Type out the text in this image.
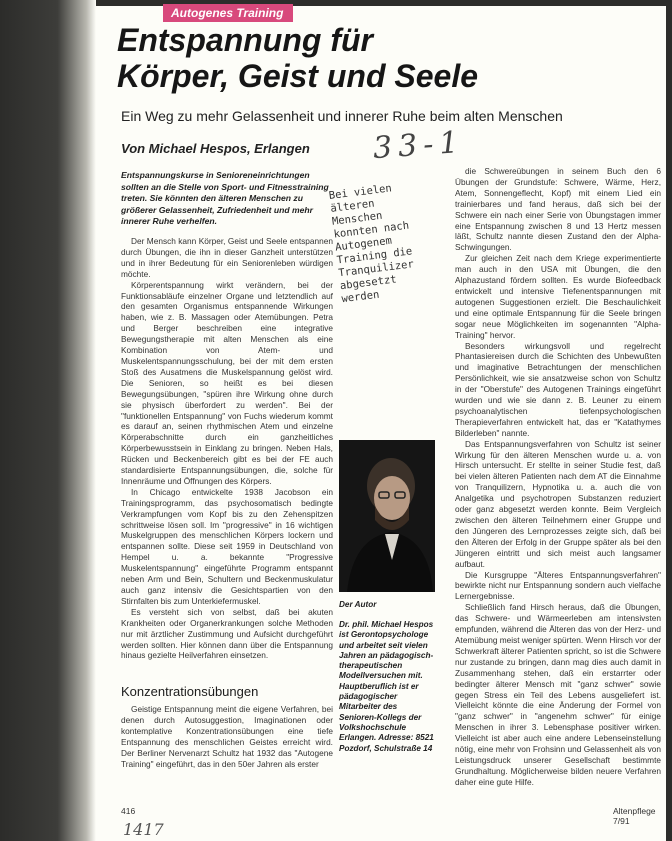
Autogenes Training
Entspannung für
Körper, Geist und Seele
Ein Weg zu mehr Gelassenheit und innerer Ruhe beim alten Menschen
Von Michael Hespos, Erlangen 33-1
Entspannungskurse in Senioreneinrichtungen sollten an die Stelle von Sport- und Fitnesstraining treten. Sie könnten den älteren Menschen zu größerer Gelassenheit, Zufriedenheit und mehr innerer Ruhe verhelfen.

Der Mensch kann Körper, Geist und Seele entspannen durch Übungen, die ihn in dieser Ganzheit unterstützen und in ihrer Bedeutung für ein Seniorenleben würdigen möchte.

Körperentspannung wirkt verändern, bei der Funktionsabläufe einzelner Organe und letztendlich auf den gesamten Organismus entspannende Wirkungen haben, wie z. B. Massagen oder Atemübungen. Petra und Berger beschreiben eine integrative Bewegungstherapie mit alten Menschen als eine Kombination von Atem- und Muskelentspannungsschulung, bei der mit dem ersten Stoß des Ausatmens die Muskelspannung gelöst wird. Die Senioren, so heißt es bei diesen Bewegungsübungen, "spüren ihre Wirkung ohne durch sie physisch überfordert zu werden". Bei der "funktionellen Entspannung" von Fuchs wiederum kommt es darauf an, seinen rhythmischen Atem und einzelne Körperabschnitte durch ein ganzheitliches Körperbewusstsein in Einklang zu bringen. Neben Hals, Rücken und Beckenbereich gibt es bei der FE auch standardisierte Entspannungsübungen, die, solche für Innenräume und Öffnungen des Körpers.

In Chicago entwickelte 1938 Jacobson ein Trainingsprogramm, das psychosomatisch bedingte Verkrampfungen vom Kopf bis zu den Zehenspitzen schrittweise lösen soll. Im "progressive" in 16 wichtigen Muskelgruppen des menschlichen Körpers lockern und entspannen sollte. Diese seit 1959 in Deutschland von Hempel u. a. bekannte "Progressive Muskelentspannung" eingeführte Programm entspannt neben Arm und Bein, Schultern und Beckenmuskulatur auch ganz intensiv die Gesichtspartien von den Stirnfalten bis zum Unterkiefermuskel.

Es versteht sich von selbst, daß bei akuten Krankheiten oder Organerkrankungen solche Methoden nur mit ärztlicher Zustimmung und Aufsicht durchgeführt werden sollten. Hier können dann über die Entspannung hinaus gezielte Heilverfahren einsetzen.

Konzentrationsübungen

Geistige Entspannung meint die eigene Verfahren, bei denen durch Autosuggestion, Imaginationen oder kontemplative Konzentrationsübungen eine tiefe Entspannung des menschlichen Geistes erreicht wird. Der Berliner Nervenarzt Schultz hat 1932 das "Autogene Training" eingeführt, das in den 50er Jahren als erster

Bei vielen älteren Menschen konnten nach Autogenem Training die Tranquilizer abgesetzt werden
Der Autor
Dr. phil. Michael Hespos ist Gerontopsychologe und arbeitet seit vielen Jahren an pädagogisch-therapeutischen Modellversuchen mit. Hauptberuflich ist er pädagogischer Mitarbeiter des Senioren-Kollegs der Volkshochschule Erlangen. Adresse: 8521 Pozdorf, Schulstraße 14

die Schwereübungen in seinem Buch den 6 Übungen der Grundstufe: Schwere, Wärme, Herz, Atem, Sonnengeflecht, Kopf) mit einem Lied ein trainierbares und fand heraus, daß sich bei der Schwere ein nach einer Serie von Übungstagen immer eine Entspannung zwischen 8 und 13 Hertz messen läßt, Schultz nannte diesen Zustand den der Alpha-Schwingungen.

Zur gleichen Zeit nach dem Kriege experimentierte man auch in den USA mit Übungen, die den Alphazustand fördern sollten. Es wurde Biofeedback entwickelt und intensive Tiefenentspannungen mit autogenen Suggestionen erzielt. Die Beschaulichkeit und eine optimale Entspannung für die Seele bringen sogar neue Möglichkeiten im sogenannten "Alpha-Training" hervor.

Besonders wirkungsvoll und regelrecht Phantasiereisen durch die Schichten des Unbewußten und imaginative Betrachtungen der menschlichen Persönlichkeit, wie sie ansatzweise schon von Schultz in der "Oberstufe" des Autogenen Trainings eingeführt wurden und wie sie dann z. B. Leuner zu einem psychoanalytischen tiefenpsychologischen Therapieverfahren entwickelt hat, das er "Katathymes Bilderleben" nannte.

Das Entspannungsverfahren von Schultz ist seiner Wirkung für den älteren Menschen wurde u. a. von Hirsch untersucht. Er stellte in seiner Studie fest, daß bei vielen älteren Patienten nach dem AT die Einnahme von Tranquilizern, Hypnotika u. a. auch die von Analgetika und psychotropen Substanzen reduziert oder ganz abgesetzt werden konnte. Beim Vergleich zwischen den älteren Teilnehmern einer Gruppe und den Jüngeren des Lernprozesses zeigte sich, daß bei den Älteren der Erfolg in der Gruppe später als bei den Jüngeren eintritt und sich meist auch langsamer aufbaut.

Die Kursgruppe "Älteres Entspannungsverfahren" bewirkte nicht nur Entspannung sondern auch vielfache Lernergebnisse.

Schließlich fand Hirsch heraus, daß die Übungen, das Schwere- und Wärmeerleben am intensivsten empfunden, während die Älteren das von der Herz- und Atemübung meist weniger spürten. Wenn Hirsch vor der Schwerkraft älterer Patienten spricht, so ist die Schwere nur zustande zu bringen, dann mag dies auch damit in Zusammenhang stehen, daß ein erstarrter oder bedingter älterer Mensch mit "ganz schwer" sowie gegen Stress ein Teil des Lebens ausgeliefert ist. Vielleicht könnte die eine Änderung der Formel von "ganz schwer" in "angenehm schwer" für einige Menschen in ihrer 3. Lebensphase positiver wirken. Vielleicht ist aber auch eine andere Lebenseinstellung nötig, eine mehr von Frohsinn und Gelassenheit als von Leistungsdruck unserer Gesellschaft bestimmte Grundhaltung. Möglicherweise bilden neuere Verfahren daher eine gute Hilfe.

416	Altenpflege 7/91
1417
